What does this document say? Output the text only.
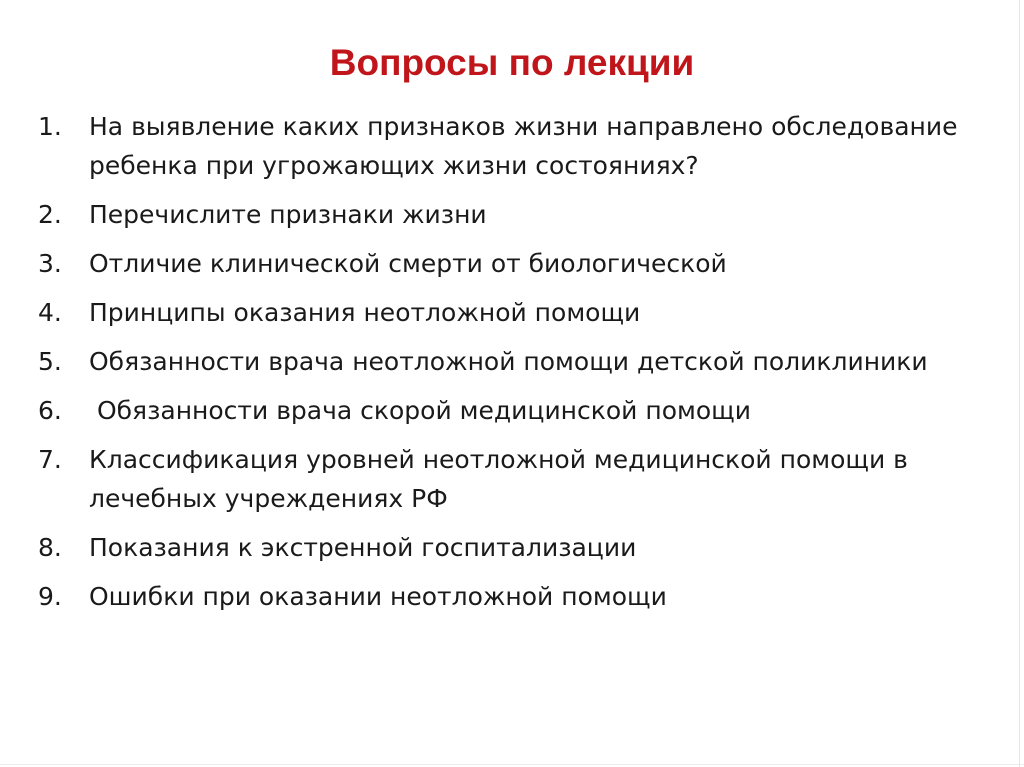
Вопросы по лекции
1.	На выявление каких признаков жизни направлено обследование ребенка при угрожающих жизни состояниях?
2.	Перечислите признаки жизни
3.	Отличие клинической смерти от биологической
4.	Принципы оказания неотложной помощи
5.	Обязанности врача неотложной помощи детской поликлиники
6.	Обязанности врача скорой медицинской помощи
7.	Классификация уровней неотложной медицинской помощи в лечебных учреждениях РФ
8.	Показания к экстренной госпитализации
9.	Ошибки при оказании неотложной помощи
